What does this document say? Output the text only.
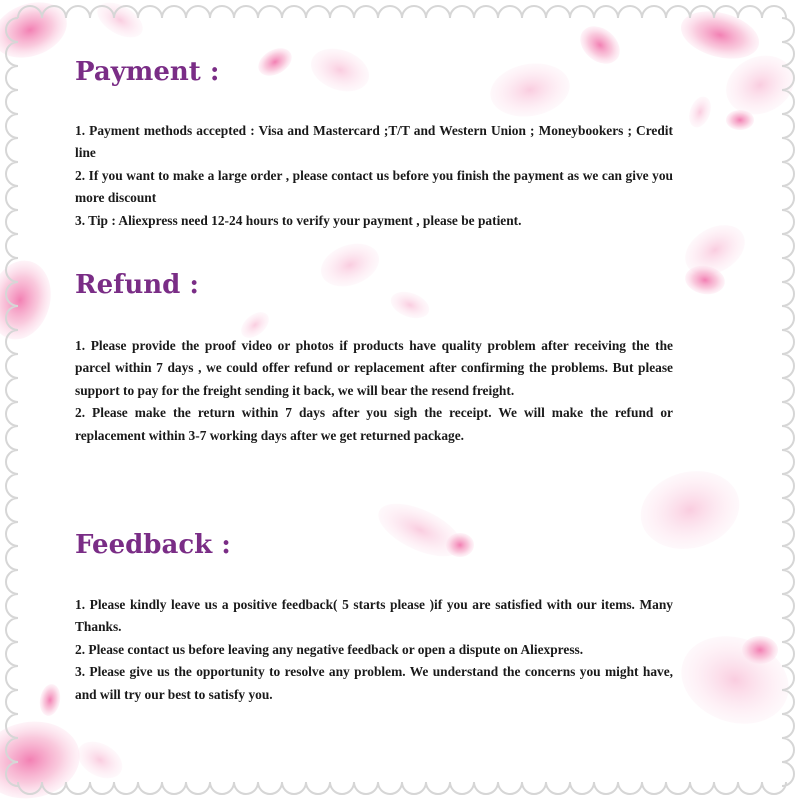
Payment :

1. Payment methods accepted : Visa and Mastercard ;T/T and Western Union ; Moneybookers ; Credit line

2. If you want to make a large order , please contact us before you finish the payment as we can give you more discount

3. Tip : Aliexpress need 12-24 hours to verify your payment , please be patient.

Refund :

1. Please provide the proof video or photos if products have quality problem after receiving the the parcel within 7 days , we could offer refund or replacement after confirming the problems. But please support to pay for the freight sending it back, we will bear the resend freight.

2. Please make the return within 7 days after you sigh the receipt. We will make the refund or replacement within 3-7 working days after we get returned package.

Feedback :

1. Please kindly leave us a positive feedback( 5 starts please )if you are satisfied with our items. Many Thanks.

2. Please contact us before leaving any negative feedback or open a dispute on Aliexpress.

3. Please give us the opportunity to resolve any problem. We understand the concerns you might have, and will try our best to satisfy you.
